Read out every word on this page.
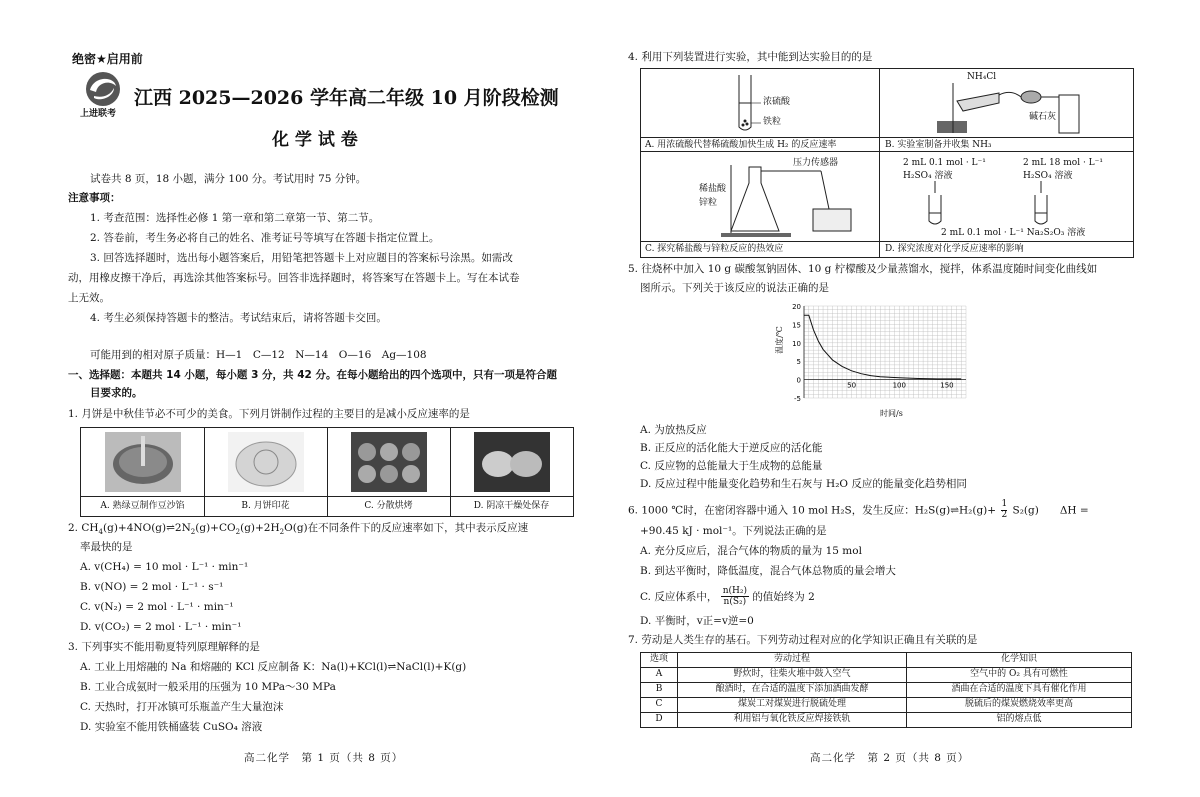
绝密★启用前
上进联考
江西 2025—2026 学年高二年级 10 月阶段检测
化 学 试 卷
试卷共 8 页，18 小题，满分 100 分。考试用时 75 分钟。
注意事项：
1. 考查范围：选择性必修 1 第一章和第二章第一节、第二节。
2. 答卷前，考生务必将自己的姓名、准考证号等填写在答题卡指定位置上。
3. 回答选择题时，选出每小题答案后，用铅笔把答题卡上对应题目的答案标号涂黑。如需改
动，用橡皮擦干净后，再选涂其他答案标号。回答非选择题时，将答案写在答题卡上。写在本试卷
上无效。
4. 考生必须保持答题卡的整洁。考试结束后，请将答题卡交回。
可能用到的相对原子质量：H—1　C—12　N—14　O—16　Ag—108
一、选择题：本题共 14 小题，每小题 3 分，共 42 分。在每小题给出的四个选项中，只有一项是符合题
目要求的。
1. 月饼是中秋佳节必不可少的美食。下列月饼制作过程的主要目的是减小反应速率的是
A. 熟绿豆制作豆沙馅	B. 月饼印花	C. 分散烘烤	D. 阴凉干燥处保存
2. $CH_4(g)+4NO(g)\rightleftharpoons 2N_2(g)+CO_2(g)+2H_2O(g)$在不同条件下的反应速率如下，其中表示反应速
率最快的是
A. v(CH₄) = 10 mol · L⁻¹ · min⁻¹
B. v(NO) = 2 mol · L⁻¹ · s⁻¹
C. v(N₂) = 2 mol · L⁻¹ · min⁻¹
D. v(CO₂) = 2 mol · L⁻¹ · min⁻¹
3. 下列事实不能用勒夏特列原理解释的是
A. 工业上用熔融的 Na 和熔融的 KCl 反应制备 K：Na(l)+KCl(l)⇌NaCl(l)+K(g)
B. 工业合成氨时一般采用的压强为 10 MPa～30 MPa
C. 天热时，打开冰镇可乐瓶盖产生大量泡沫
D. 实验室不能用铁桶盛装 CuSO₄ 溶液
高二化学　第 1 页（共 8 页）
4. 利用下列装置进行实验，其中能到达实验目的的是
浓硫酸
铁粒
A. 用浓硫酸代替稀硫酸加快生成 H₂ 的反应速率
NH₄Cl
碱石灰
B. 实验室制备并收集 NH₃
压力传感器
稀盐酸
锌粒
C. 探究稀盐酸与锌粒反应的热效应
2 mL 0.1 mol · L⁻¹
H₂SO₄ 溶液
2 mL 18 mol · L⁻¹
H₂SO₄ 溶液
2 mL 0.1 mol · L⁻¹ Na₂S₂O₃ 溶液
D. 探究浓度对化学反应速率的影响
5. 往烧杯中加入 10 g 碳酸氢钠固体、10 g 柠檬酸及少量蒸馏水，搅拌，体系温度随时间变化曲线如
图所示。下列关于该反应的说法正确的是
-5
0
5
10
15
20
50	100	150
温度/℃
时间/s
A. 为放热反应
B. 正反应的活化能大于逆反应的活化能
C. 反应物的总能量大于生成物的总能量
D. 反应过程中能量变化趋势和生石灰与 H₂O 反应的能量变化趋势相同
6. 1000 ℃时，在密闭容器中通入 10 mol H₂S，发生反应：H₂S(g)⇌H₂(g)+ $\frac{1}{2} S_2(g)$　　ΔH =
+90.45 kJ · mol⁻¹。下列说法正确的是
A. 充分反应后，混合气体的物质的量为 15 mol
B. 到达平衡时，降低温度，混合气体总物质的量会增大
C. 反应体系中， $\frac{\text{n(H₂)}}{\text{n(S₂)}}$ 的值始终为 2
D. 平衡时，v正=v逆=0
7. 劳动是人类生存的基石。下列劳动过程对应的化学知识正确且有关联的是
选项	劳动过程	化学知识
A	野炊时，往柴火堆中鼓入空气	空气中的 O₂ 具有可燃性
B	酿酒时，在合适的温度下添加酒曲发酵	酒曲在合适的温度下具有催化作用
C	煤炭工对煤炭进行脱硫处理	脱硫后的煤炭燃烧效率更高
D	利用铝与氧化铁反应焊接铁轨	铝的熔点低
高二化学　第 2 页（共 8 页）
